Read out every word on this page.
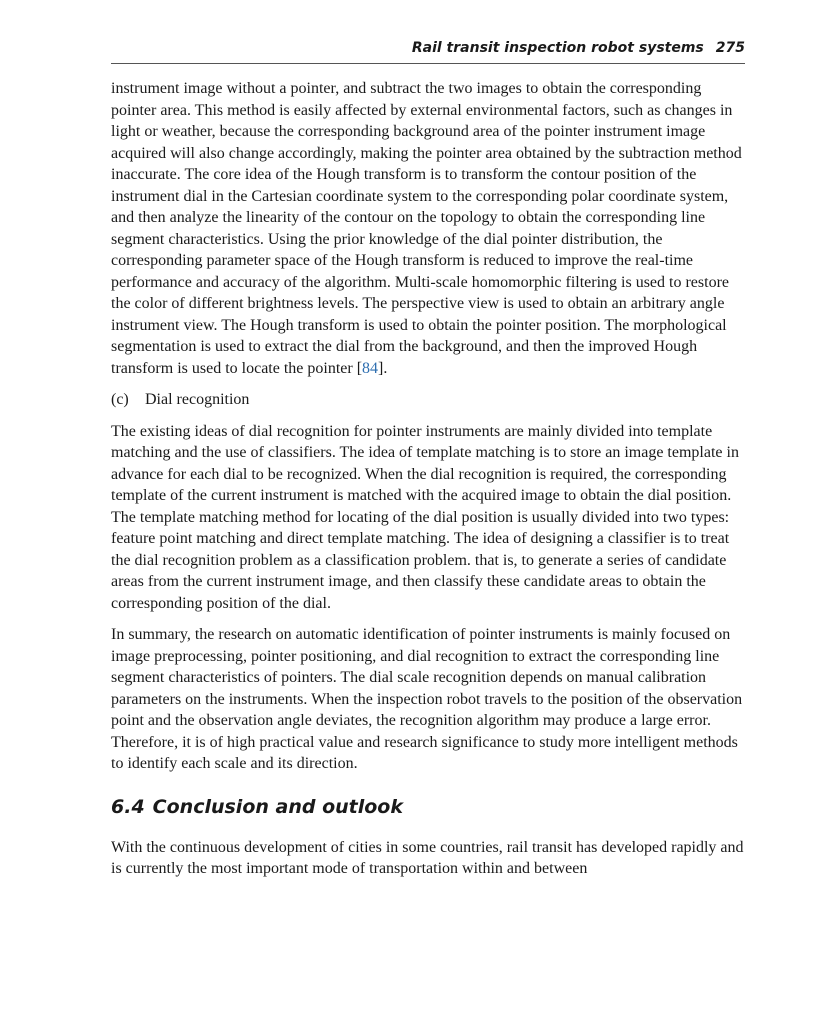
Rail transit inspection robot systems 275

instrument image without a pointer, and subtract the two images to obtain the corresponding pointer area. This method is easily affected by external environmental factors, such as changes in light or weather, because the corresponding background area of the pointer instrument image acquired will also change accordingly, making the pointer area obtained by the subtraction method inaccurate. The core idea of the Hough transform is to transform the contour position of the instrument dial in the Cartesian coordinate system to the corresponding polar coordinate system, and then analyze the linearity of the contour on the topology to obtain the corresponding line segment characteristics. Using the prior knowledge of the dial pointer distribution, the corresponding parameter space of the Hough transform is reduced to improve the real-time performance and accuracy of the algorithm. Multi-scale homomorphic filtering is used to restore the color of different brightness levels. The perspective view is used to obtain an arbitrary angle instrument view. The Hough transform is used to obtain the pointer position. The morphological segmentation is used to extract the dial from the background, and then the improved Hough transform is used to locate the pointer [84].

(c) Dial recognition

The existing ideas of dial recognition for pointer instruments are mainly divided into template matching and the use of classifiers. The idea of template matching is to store an image template in advance for each dial to be recognized. When the dial recognition is required, the corresponding template of the current instrument is matched with the acquired image to obtain the dial position. The template matching method for locating of the dial position is usually divided into two types: feature point matching and direct template matching. The idea of designing a classifier is to treat the dial recognition problem as a classification problem. that is, to generate a series of candidate areas from the current instrument image, and then classify these candidate areas to obtain the corresponding position of the dial.

In summary, the research on automatic identification of pointer instruments is mainly focused on image preprocessing, pointer positioning, and dial recognition to extract the corresponding line segment characteristics of pointers. The dial scale recognition depends on manual calibration parameters on the instruments. When the inspection robot travels to the position of the observation point and the observation angle deviates, the recognition algorithm may produce a large error. Therefore, it is of high practical value and research significance to study more intelligent methods to identify each scale and its direction.

6.4 Conclusion and outlook

With the continuous development of cities in some countries, rail transit has developed rapidly and is currently the most important mode of transportation within and between
